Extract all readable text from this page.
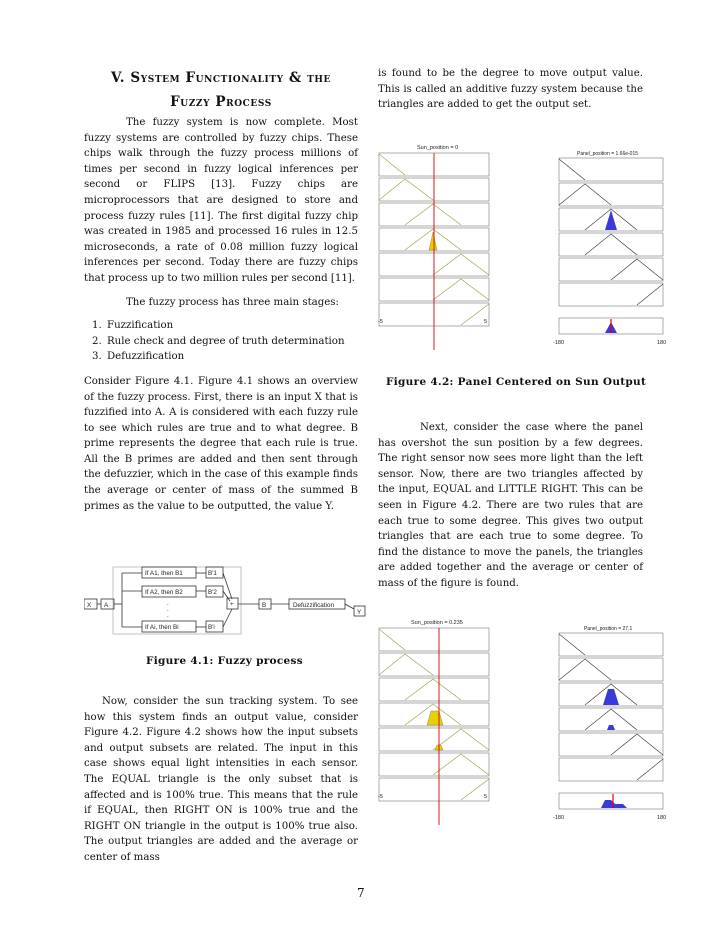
V. System Functionality & the
Fuzzy Process

The fuzzy system is now complete. Most fuzzy systems are controlled by fuzzy chips. These chips walk through the fuzzy process millions of times per second in fuzzy logical inferences per second or FLIPS [13]. Fuzzy chips are microprocessors that are designed to store and process fuzzy rules [11]. The first digital fuzzy chip was created in 1985 and processed 16 rules in 12.5 microseconds, a rate of 0.08 million fuzzy logical inferences per second. Today there are fuzzy chips that process up to two million rules per second [11].

The fuzzy process has three main stages:

1. Fuzzification
2. Rule check and degree of truth determination
3. Defuzzification

Consider Figure 4.1. Figure 4.1 shows an overview of the fuzzy process. First, there is an input X that is fuzzified into A. A is considered with each fuzzy rule to see which rules are true and to what degree. B prime represents the degree that each rule is true. All the B primes are added and then sent through the defuzzier, which in the case of this example finds the average or center of mass of the summed B primes as the value to be outputted, the value Y.

X A
If A1, then B1
If A2, then B2
If Ai, then Bi
B'1
B'2
B'i
.
.
.
+	B	Defuzzification
Y
Figure 4.1: Fuzzy process

Now, consider the sun tracking system. To see how this system finds an output value, consider Figure 4.2. Figure 4.2 shows how the input subsets and output subsets are related. The input in this case shows equal light intensities in each sensor. The EQUAL triangle is the only subset that is affected and is 100% true. This means that the rule if EQUAL, then RIGHT ON is 100% true and the RIGHT ON triangle in the output is 100% true also. The output triangles are added and the average or center of mass

is found to be the degree to move output value. This is called an additive fuzzy system because the triangles are added to get the output set.

Sun_position = 0
-5	5
Panel_position = 1.66e-015
-180	180
Figure 4.2: Panel Centered on Sun Output

Next, consider the case where the panel has overshot the sun position by a few degrees. The right sensor now sees more light than the left sensor. Now, there are two triangles affected by the input, EQUAL and LITTLE RIGHT. This can be seen in Figure 4.2. There are two rules that are each true to some degree. This gives two output triangles that are each true to some degree. To find the distance to move the panels, the triangles are added together and the average or center of mass of the figure is found.

Sun_position = 0.235
-5	5
Panel_position = 27.1
-180	180
7
